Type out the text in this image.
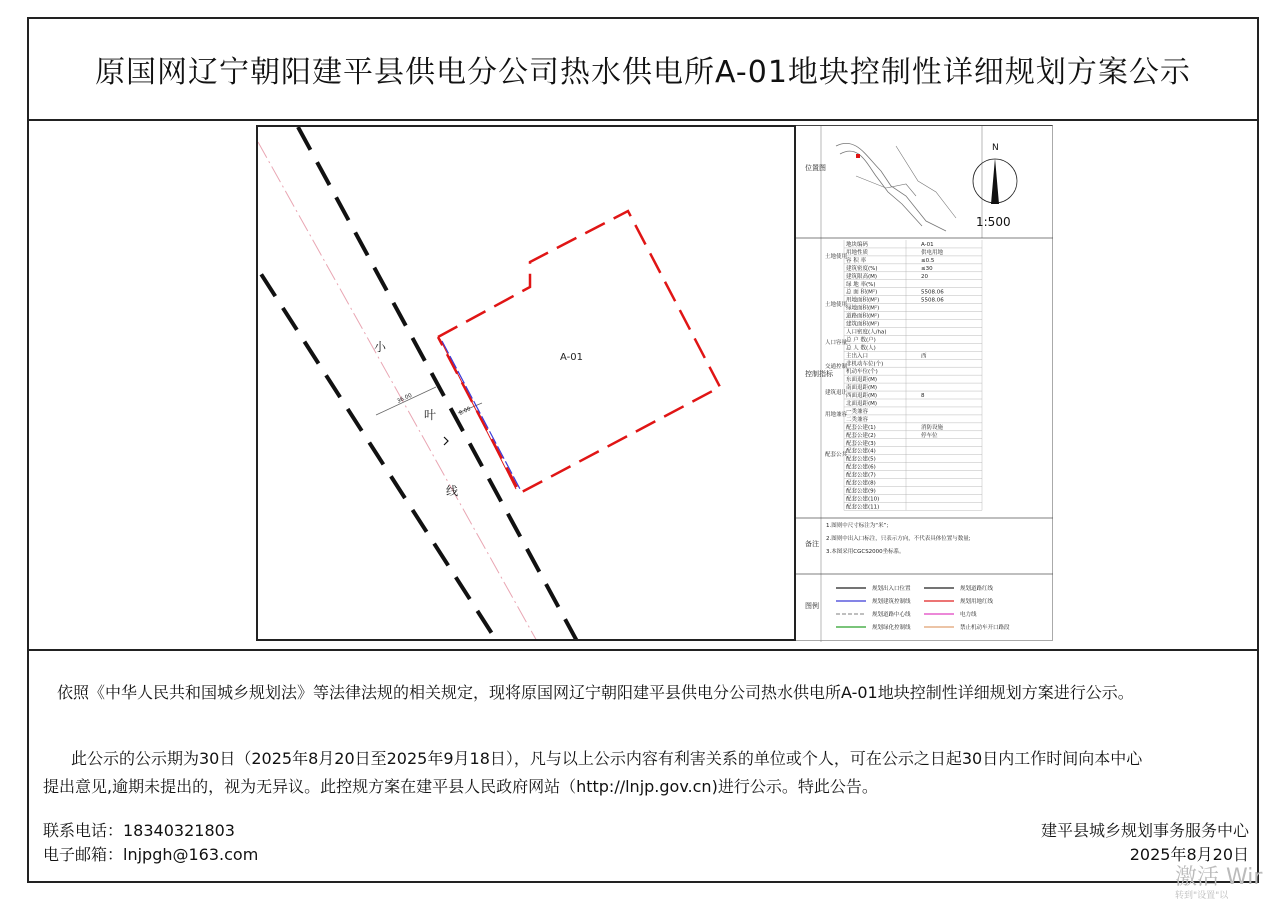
原国网辽宁朝阳建平县供电分公司热水供电所A-01地块控制性详细规划方案公示
36.00
8.00
A-01
小
叶
线
位置图
控制指标
备注
图例
N
1:500
地块编码	A-01
用地性质	供电用地
容 积 率	≤0.5
建筑密度(%)	≤30
建筑限高(M)	20
绿 地 率(%)
总 面 积(M²)	5508.06
用地面积(M²)	5508.06
绿地面积(M²)
道路面积(M²)
建筑面积(M²)
人口密度(人/ha)
总 户 数(户)
总 人 数(人)
主出入口	西
非机动车位(个)
机动车位(个)
东面退距(M)
南面退距(M)
西面退距(M)	8
北面退距(M)
一类兼容
二类兼容
配套公建(1)	消防设施
配套公建(2)	停车位
配套公建(3)
配套公建(4)
配套公建(5)
配套公建(6)
配套公建(7)
配套公建(8)
配套公建(9)
配套公建(10)
配套公建(11)
土地使用
土地使用
人口容量
交通控制
建筑退让
用地兼容
配套公共
1.图则中尺寸标注为“米”;
2.图则中出入口标注，只表示方向，不代表具体位置与数量;
3.本图采用CGCS2000坐标系。
规划出入口位置	规划道路红线
规划建筑控制线	规划用地红线
规划道路中心线	电力线
规划绿化控制线	禁止机动车开口路段
依照《中华人民共和国城乡规划法》等法律法规的相关规定，现将原国网辽宁朝阳建平县供电分公司热水供电所A-01地块控制性详细规划方案进行公示。
此公示的公示期为30日（2025年8月20日至2025年9月18日），凡与以上公示内容有利害关系的单位或个人，可在公示之日起30日内工作时间向本中心
提出意见,逾期未提出的，视为无异议。此控规方案在建平县人民政府网站（http://lnjp.gov.cn)进行公示。特此公告。
联系电话：18340321803
电子邮箱：lnjpgh@163.com
建平县城乡规划事务服务中心
2025年8月20日
激活 Wir
转到"设置"以
